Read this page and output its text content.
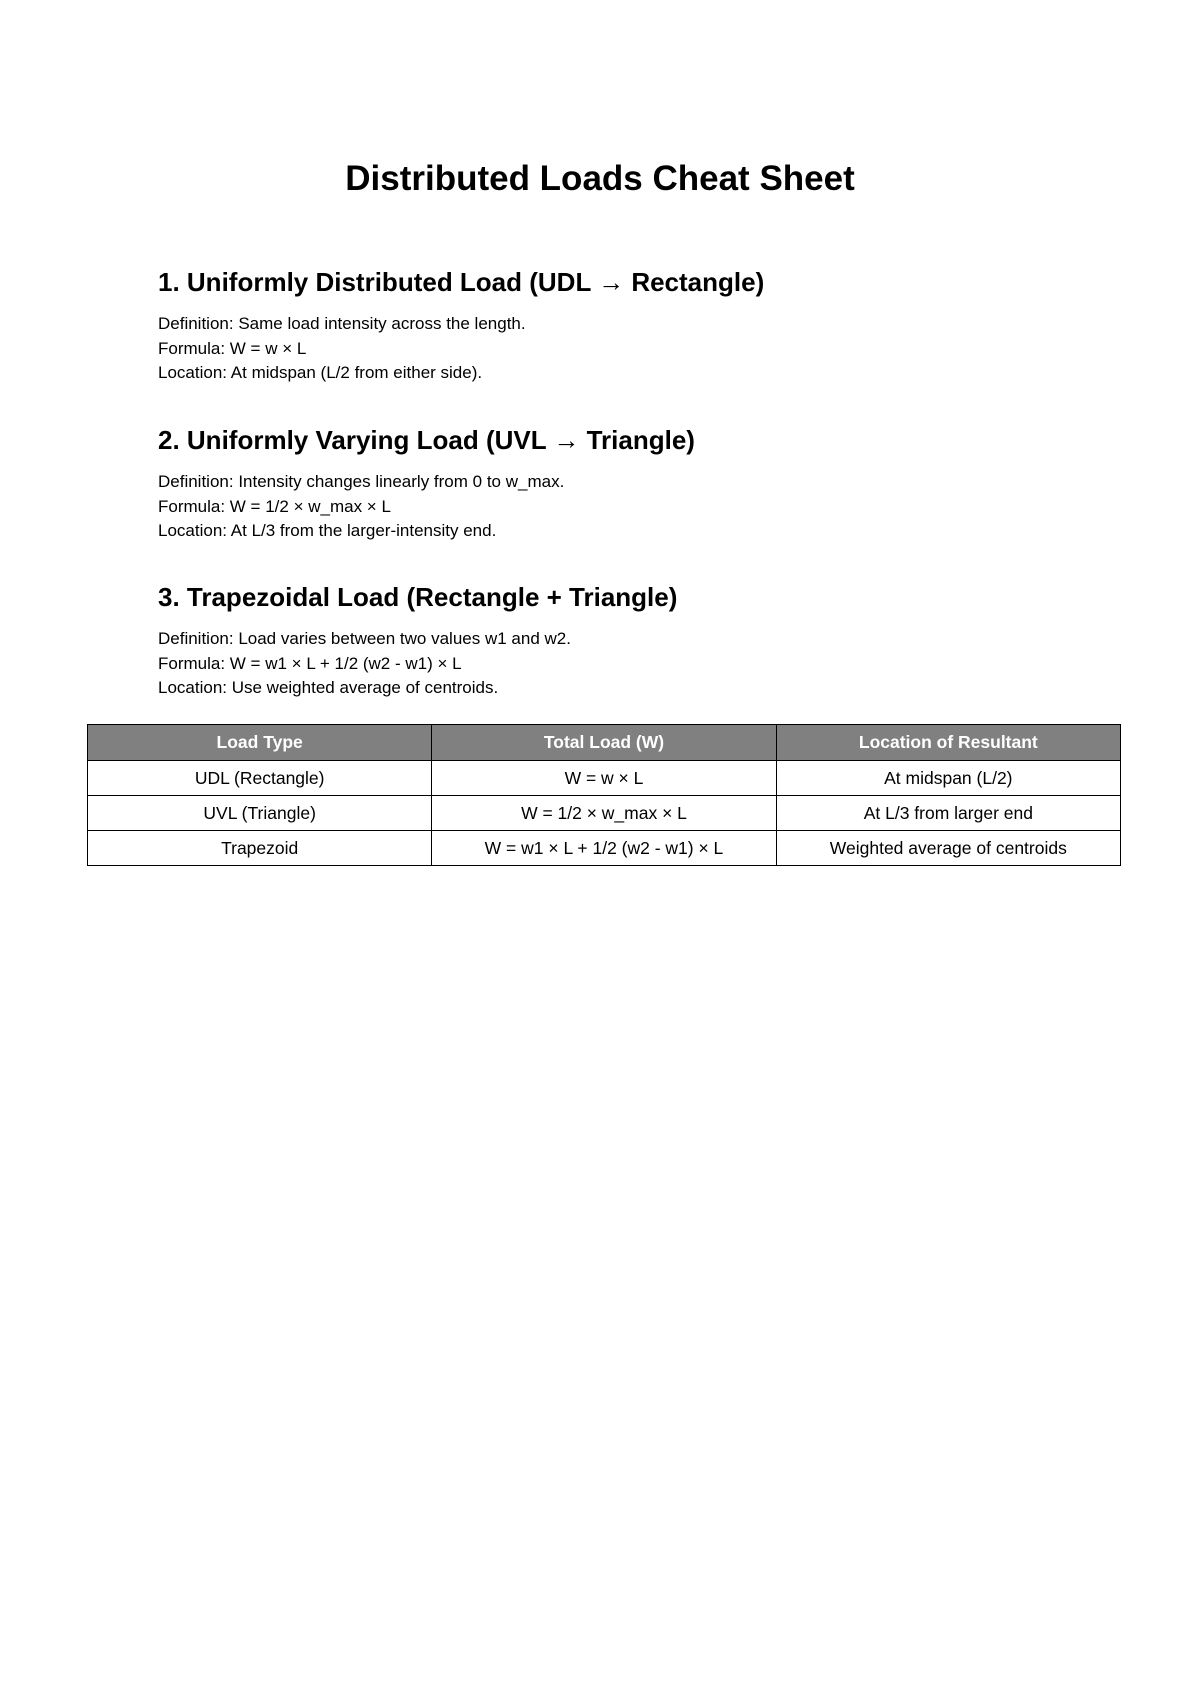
Distributed Loads Cheat Sheet
1. Uniformly Distributed Load (UDL → Rectangle)
Definition: Same load intensity across the length.
Formula: W = w × L
Location: At midspan (L/2 from either side).
2. Uniformly Varying Load (UVL → Triangle)
Definition: Intensity changes linearly from 0 to w_max.
Formula: W = 1/2 × w_max × L
Location: At L/3 from the larger-intensity end.
3. Trapezoidal Load (Rectangle + Triangle)
Definition: Load varies between two values w1 and w2.
Formula: W = w1 × L + 1/2 (w2 - w1) × L
Location: Use weighted average of centroids.
Load Type	Total Load (W)	Location of Resultant
UDL (Rectangle)	W = w × L	At midspan (L/2)
UVL (Triangle)	W = 1/2 × w_max × L	At L/3 from larger end
Trapezoid	W = w1 × L + 1/2 (w2 - w1) × L	Weighted average of centroids
